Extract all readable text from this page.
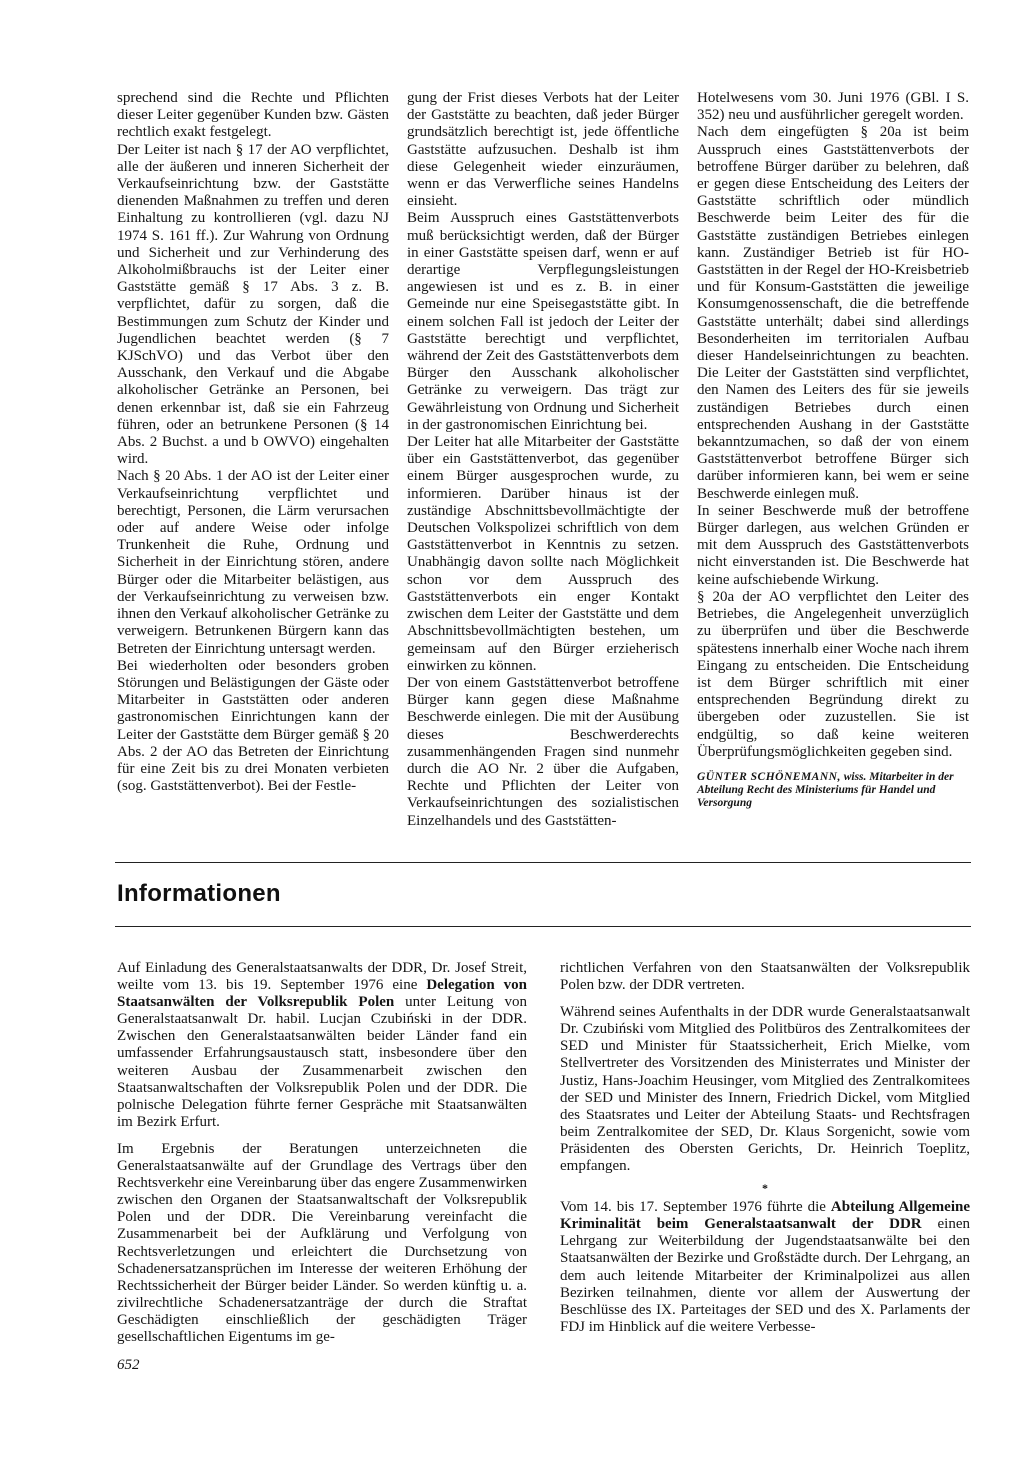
sprechend sind die Rechte und Pflichten dieser Leiter gegenüber Kunden bzw. Gästen rechtlich exakt festgelegt.

Der Leiter ist nach § 17 der AO verpflichtet, alle der äußeren und inneren Sicherheit der Verkaufseinrichtung bzw. der Gaststätte dienenden Maßnahmen zu treffen und deren Einhaltung zu kontrollieren (vgl. dazu NJ 1974 S. 161 ff.). Zur Wahrung von Ordnung und Sicherheit und zur Verhinderung des Alkoholmißbrauchs ist der Leiter einer Gaststätte gemäß § 17 Abs. 3 z. B. verpflichtet, dafür zu sorgen, daß die Bestimmungen zum Schutz der Kinder und Jugendlichen beachtet werden (§ 7 KJSchVO) und das Verbot über den Ausschank, den Verkauf und die Abgabe alkoholischer Getränke an Personen, bei denen erkennbar ist, daß sie ein Fahrzeug führen, oder an betrunkene Personen (§ 14 Abs. 2 Buchst. a und b OWVO) eingehalten wird.

Nach § 20 Abs. 1 der AO ist der Leiter einer Verkaufseinrichtung verpflichtet und berechtigt, Personen, die Lärm verursachen oder auf andere Weise oder infolge Trunkenheit die Ruhe, Ordnung und Sicherheit in der Einrichtung stören, andere Bürger oder die Mitarbeiter belästigen, aus der Verkaufseinrichtung zu verweisen bzw. ihnen den Verkauf alkoholischer Getränke zu verweigern. Betrunkenen Bürgern kann das Betreten der Einrichtung untersagt werden.

Bei wiederholten oder besonders groben Störungen und Belästigungen der Gäste oder Mitarbeiter in Gaststätten oder anderen gastronomischen Einrichtungen kann der Leiter der Gaststätte dem Bürger gemäß § 20 Abs. 2 der AO das Betreten der Einrichtung für eine Zeit bis zu drei Monaten verbieten (sog. Gaststättenverbot). Bei der Festle-

gung der Frist dieses Verbots hat der Leiter der Gaststätte zu beachten, daß jeder Bürger grundsätzlich berechtigt ist, jede öffentliche Gaststätte aufzusuchen. Deshalb ist ihm diese Gelegenheit wieder einzuräumen, wenn er das Verwerfliche seines Handelns einsieht.

Beim Ausspruch eines Gaststättenverbots muß berücksichtigt werden, daß der Bürger in einer Gaststätte speisen darf, wenn er auf derartige Verpflegungsleistungen angewiesen ist und es z. B. in einer Gemeinde nur eine Speisegaststätte gibt. In einem solchen Fall ist jedoch der Leiter der Gaststätte berechtigt und verpflichtet, während der Zeit des Gaststättenverbots dem Bürger den Ausschank alkoholischer Getränke zu verweigern. Das trägt zur Gewährleistung von Ordnung und Sicherheit in der gastronomischen Einrichtung bei.

Der Leiter hat alle Mitarbeiter der Gaststätte über ein Gaststättenverbot, das gegenüber einem Bürger ausgesprochen wurde, zu informieren. Darüber hinaus ist der zuständige Abschnittsbevollmächtigte der Deutschen Volkspolizei schriftlich von dem Gaststättenverbot in Kenntnis zu setzen. Unabhängig davon sollte nach Möglichkeit schon vor dem Ausspruch des Gaststättenverbots ein enger Kontakt zwischen dem Leiter der Gaststätte und dem Abschnittsbevollmächtigten bestehen, um gemeinsam auf den Bürger erzieherisch einwirken zu können.

Der von einem Gaststättenverbot betroffene Bürger kann gegen diese Maßnahme Beschwerde einlegen. Die mit der Ausübung dieses Beschwerderechts zusammenhängenden Fragen sind nunmehr durch die AO Nr. 2 über die Aufgaben, Rechte und Pflichten der Leiter von Verkaufseinrichtungen des sozialistischen Einzelhandels und des Gaststätten-

Hotelwesens vom 30. Juni 1976 (GBl. I S. 352) neu und ausführlicher geregelt worden.

Nach dem eingefügten § 20a ist beim Ausspruch eines Gaststättenverbots der betroffene Bürger darüber zu belehren, daß er gegen diese Entscheidung des Leiters der Gaststätte schriftlich oder mündlich Beschwerde beim Leiter des für die Gaststätte zuständigen Betriebes einlegen kann. Zuständiger Betrieb ist für HO-Gaststätten in der Regel der HO-Kreisbetrieb und für Konsum-Gaststätten die jeweilige Konsumgenossenschaft, die die betreffende Gaststätte unterhält; dabei sind allerdings Besonderheiten im territorialen Aufbau dieser Handelseinrichtungen zu beachten. Die Leiter der Gaststätten sind verpflichtet, den Namen des Leiters des für sie jeweils zuständigen Betriebes durch einen entsprechenden Aushang in der Gaststätte bekanntzumachen, so daß der von einem Gaststättenverbot betroffene Bürger sich darüber informieren kann, bei wem er seine Beschwerde einlegen muß.

In seiner Beschwerde muß der betroffene Bürger darlegen, aus welchen Gründen er mit dem Ausspruch des Gaststättenverbots nicht einverstanden ist. Die Beschwerde hat keine aufschiebende Wirkung.

§ 20a der AO verpflichtet den Leiter des Betriebes, die Angelegenheit unverzüglich zu überprüfen und über die Beschwerde spätestens innerhalb einer Woche nach ihrem Eingang zu entscheiden. Die Entscheidung ist dem Bürger schriftlich mit einer entsprechenden Begründung direkt zu übergeben oder zuzustellen. Sie ist endgültig, so daß keine weiteren Überprüfungsmöglichkeiten gegeben sind.

GÜNTER SCHÖNEMANN, wiss. Mitarbeiter in der Abteilung Recht des Ministeriums für Handel und Versorgung

Informationen

Auf Einladung des Generalstaatsanwalts der DDR, Dr. Josef Streit, weilte vom 13. bis 19. September 1976 eine Delegation von Staatsanwälten der Volksrepublik Polen unter Leitung von Generalstaatsanwalt Dr. habil. Lucjan Czubiński in der DDR. Zwischen den Generalstaatsanwälten beider Länder fand ein umfassender Erfahrungsaustausch statt, insbesondere über den weiteren Ausbau der Zusammenarbeit zwischen den Staatsanwaltschaften der Volksrepublik Polen und der DDR. Die polnische Delegation führte ferner Gespräche mit Staatsanwälten im Bezirk Erfurt.

Im Ergebnis der Beratungen unterzeichneten die Generalstaatsanwälte auf der Grundlage des Vertrags über den Rechtsverkehr eine Vereinbarung über das engere Zusammenwirken zwischen den Organen der Staatsanwaltschaft der Volksrepublik Polen und der DDR. Die Vereinbarung vereinfacht die Zusammenarbeit bei der Aufklärung und Verfolgung von Rechtsverletzungen und erleichtert die Durchsetzung von Schadenersatzansprüchen im Interesse der weiteren Erhöhung der Rechtssicherheit der Bürger beider Länder. So werden künftig u. a. zivilrechtliche Schadenersatzanträge der durch die Straftat Geschädigten einschließlich der geschädigten Träger gesellschaftlichen Eigentums im ge-

richtlichen Verfahren von den Staatsanwälten der Volksrepublik Polen bzw. der DDR vertreten.

Während seines Aufenthalts in der DDR wurde Generalstaatsanwalt Dr. Czubiński vom Mitglied des Politbüros des Zentralkomitees der SED und Minister für Staatssicherheit, Erich Mielke, vom Stellvertreter des Vorsitzenden des Ministerrates und Minister der Justiz, Hans-Joachim Heusinger, vom Mitglied des Zentralkomitees der SED und Minister des Innern, Friedrich Dickel, vom Mitglied des Staatsrates und Leiter der Abteilung Staats- und Rechtsfragen beim Zentralkomitee der SED, Dr. Klaus Sorgenicht, sowie vom Präsidenten des Obersten Gerichts, Dr. Heinrich Toeplitz, empfangen.

*

Vom 14. bis 17. September 1976 führte die Abteilung Allgemeine Kriminalität beim Generalstaatsanwalt der DDR einen Lehrgang zur Weiterbildung der Jugendstaatsanwälte bei den Staatsanwälten der Bezirke und Großstädte durch. Der Lehrgang, an dem auch leitende Mitarbeiter der Kriminalpolizei aus allen Bezirken teilnahmen, diente vor allem der Auswertung der Beschlüsse des IX. Parteitages der SED und des X. Parlaments der FDJ im Hinblick auf die weitere Verbesse-

652
